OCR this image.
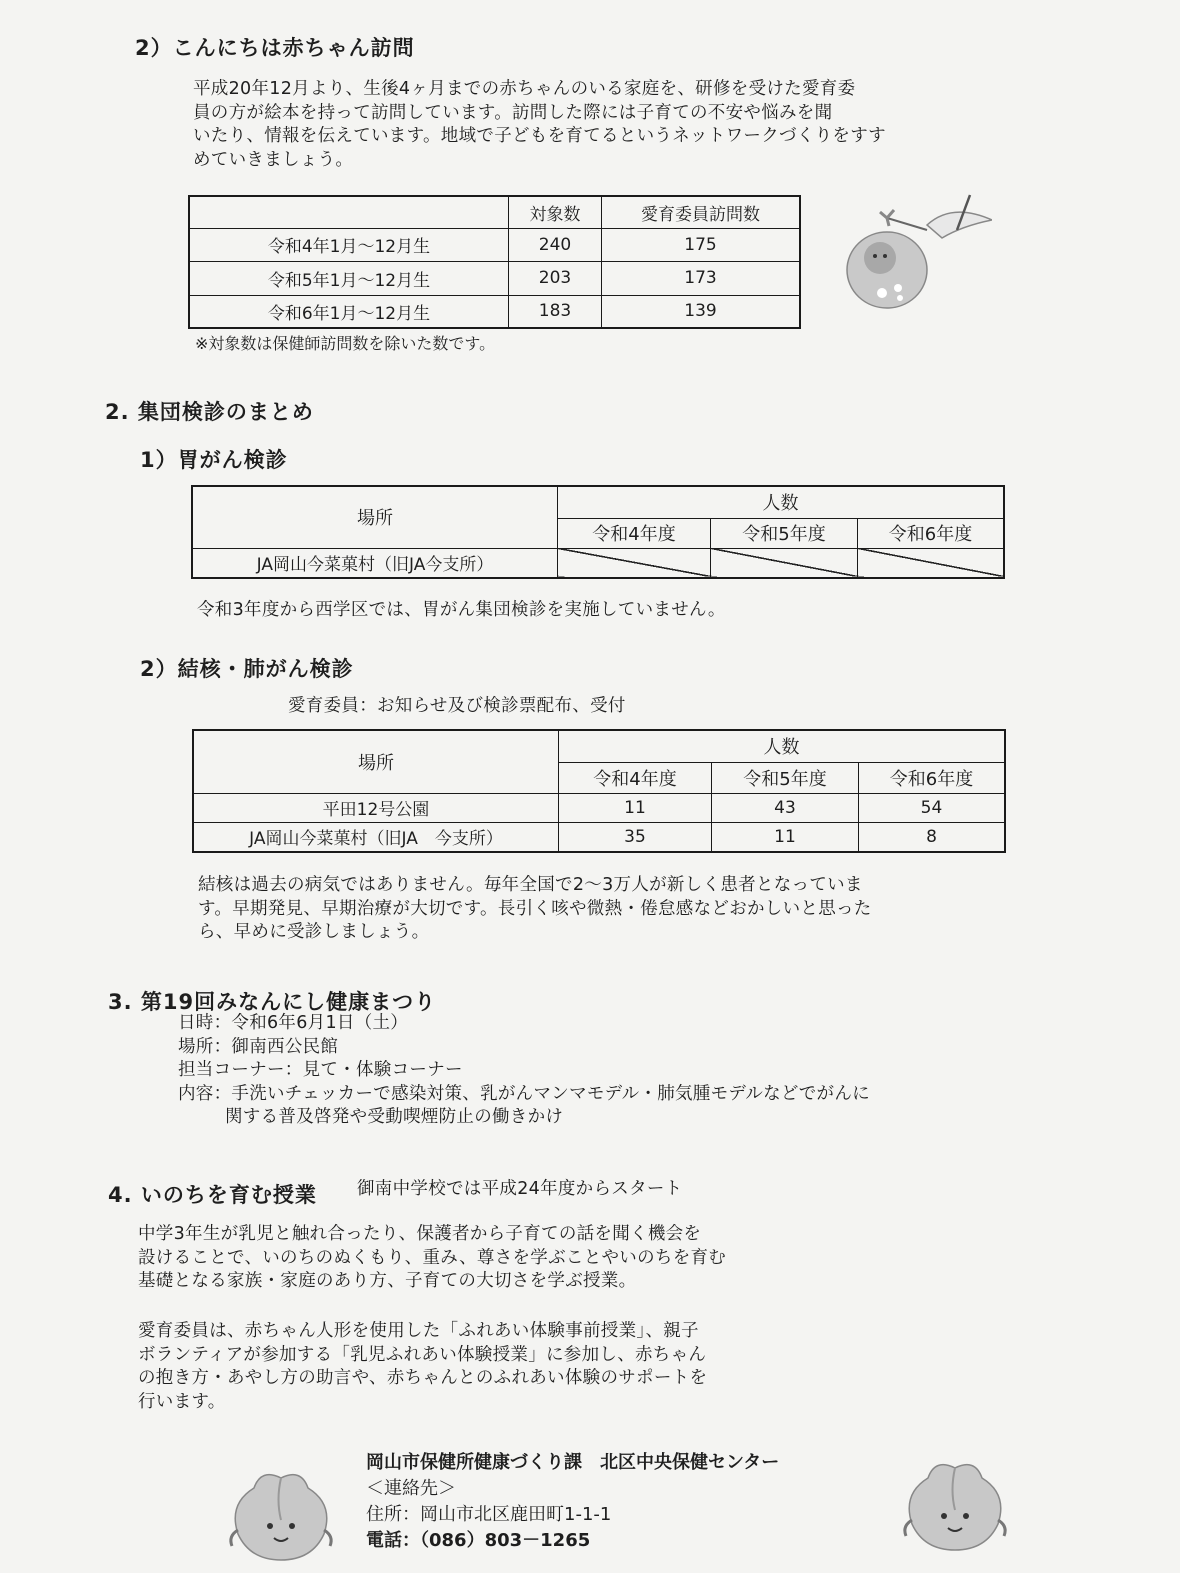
2）こんにちは赤ちゃん訪問
平成20年12月より、生後4ヶ月までの赤ちゃんのいる家庭を、研修を受けた愛育委
員の方が絵本を持って訪問しています。訪問した際には子育ての不安や悩みを聞
いたり、情報を伝えています。地域で子どもを育てるというネットワークづくりをすす
めていきましょう。
	対象数	愛育委員訪問数
令和4年1月～12月生	240	175
令和5年1月～12月生	203	173
令和6年1月～12月生	183	139
※対象数は保健師訪問数を除いた数です。
2. 集団検診のまとめ
1）胃がん検診
場所	人数		
	令和4年度	令和5年度	令和6年度
JA岡山今菜菓村（旧JA今支所）			
令和3年度から西学区では、胃がん集団検診を実施していません。
2）結核・肺がん検診
愛育委員：お知らせ及び検診票配布、受付
場所	人数		
	令和4年度	令和5年度	令和6年度
平田12号公園	11	43	54
JA岡山今菜菓村（旧JA　今支所）	35	11	8
結核は過去の病気ではありません。毎年全国で2～3万人が新しく患者となっていま
す。早期発見、早期治療が大切です。長引く咳や微熱・倦怠感などおかしいと思った
ら、早めに受診しましょう。
3. 第19回みなんにし健康まつり
日時：令和6年6月1日（土）
場所：御南西公民館
担当コーナー：見て・体験コーナー
内容：手洗いチェッカーで感染対策、乳がんマンマモデル・肺気腫モデルなどでがんに
関する普及啓発や受動喫煙防止の働きかけ
4. いのちを育む授業 御南中学校では平成24年度からスタート
中学3年生が乳児と触れ合ったり、保護者から子育ての話を聞く機会を
設けることで、いのちのぬくもり、重み、尊さを学ぶことやいのちを育む
基礎となる家族・家庭のあり方、子育ての大切さを学ぶ授業。
愛育委員は、赤ちゃん人形を使用した「ふれあい体験事前授業」、親子
ボランティアが参加する「乳児ふれあい体験授業」に参加し、赤ちゃん
の抱き方・あやし方の助言や、赤ちゃんとのふれあい体験のサポートを
行います。
岡山市保健所健康づくり課　北区中央保健センター
＜連絡先＞
住所：岡山市北区鹿田町1-1-1
電話：（086）803－1265
